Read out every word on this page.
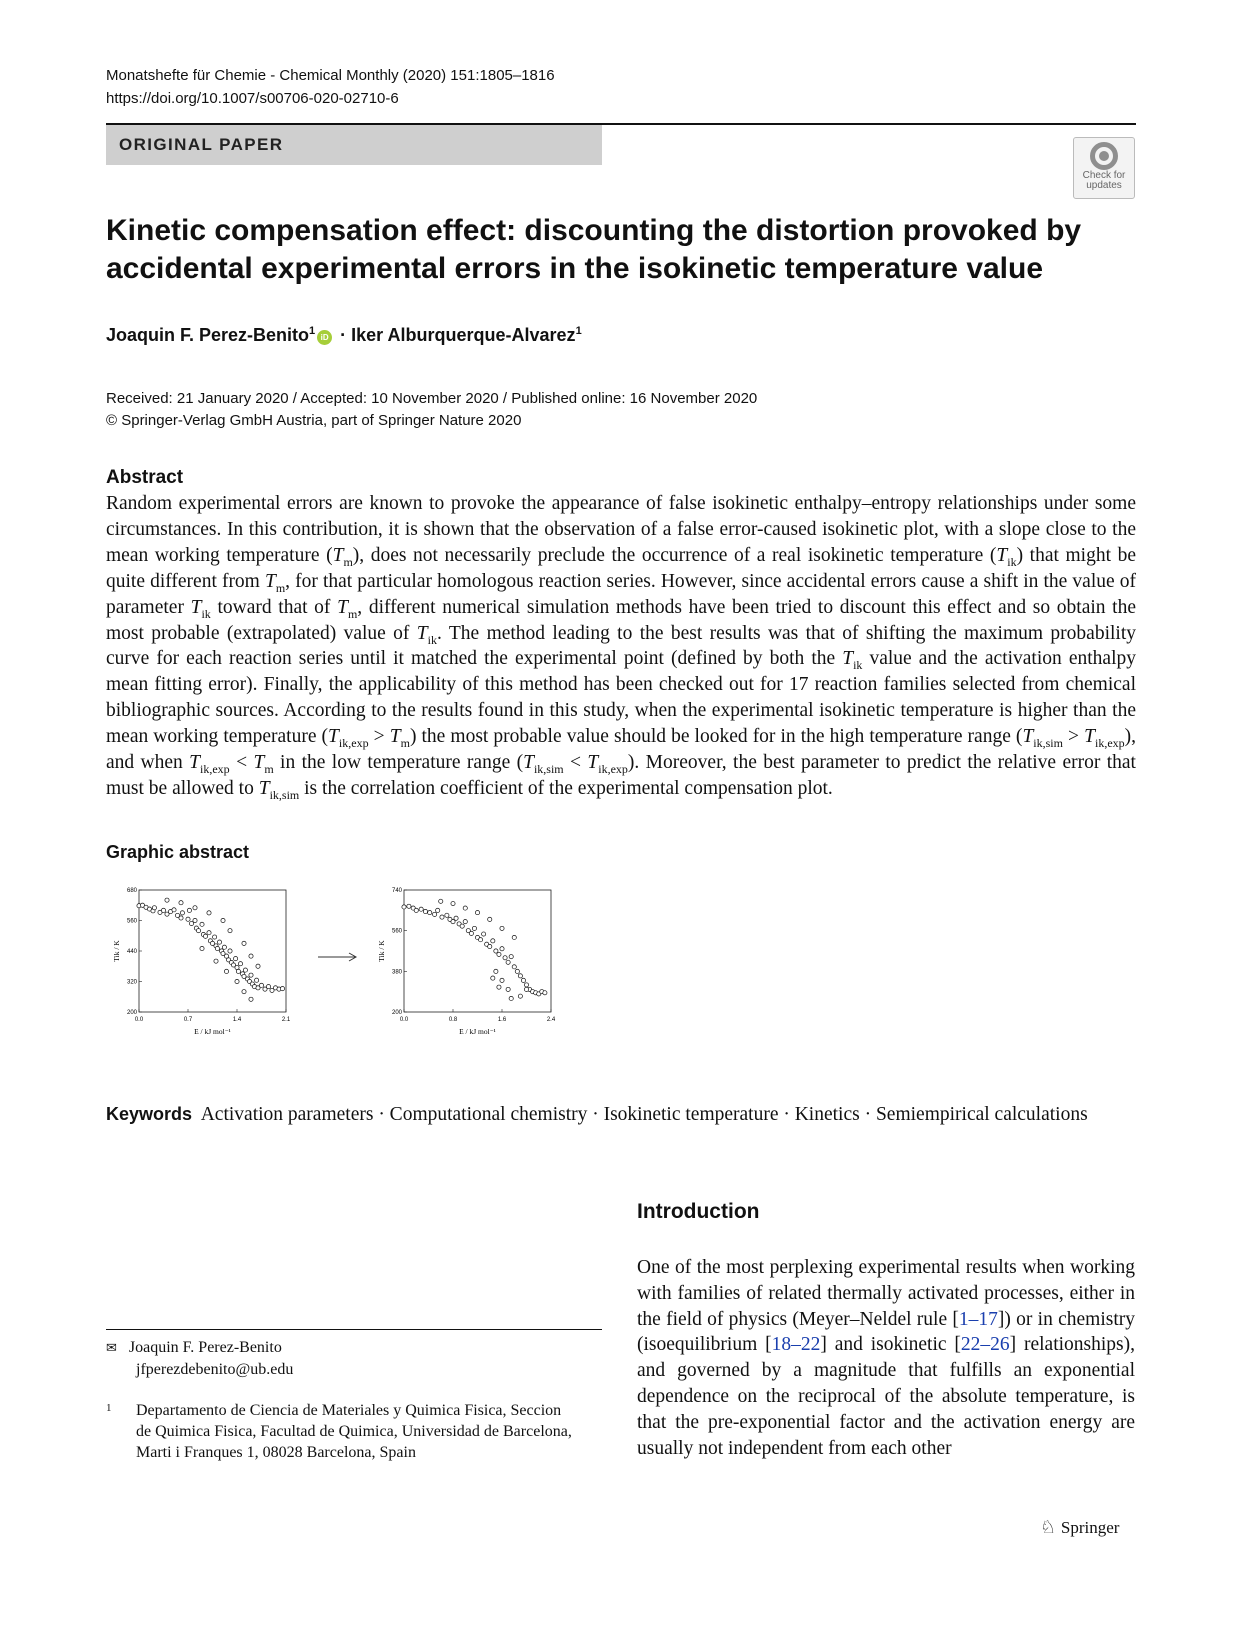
Monatshefte für Chemie - Chemical Monthly (2020) 151:1805–1816
https://doi.org/10.1007/s00706-020-02710-6
ORIGINAL PAPER
Check for updates
Kinetic compensation effect: discounting the distortion provoked by accidental experimental errors in the isokinetic temperature value
Joaquin F. Perez-Benito$^1$iD · Iker Alburquerque-Alvarez$^1$
Received: 21 January 2020 / Accepted: 10 November 2020 / Published online: 16 November 2020
© Springer-Verlag GmbH Austria, part of Springer Nature 2020
Abstract
Random experimental errors are known to provoke the appearance of false isokinetic enthalpy–entropy relationships under some circumstances. In this contribution, it is shown that the observation of a false error-caused isokinetic plot, with a slope close to the mean working temperature $(T_m)$, does not necessarily preclude the occurrence of a real isokinetic temperature $(T_{ik})$ that might be quite different from $T_m$, for that particular homologous reaction series. However, since accidental errors cause a shift in the value of parameter $T_{ik}$ toward that of $T_m$, different numerical simulation methods have been tried to discount this effect and so obtain the most probable (extrapolated) value of $T_{ik}$. The method leading to the best results was that of shifting the maximum probability curve for each reaction series until it matched the experimental point (defined by both the $T_{ik}$ value and the activation enthalpy mean fitting error). Finally, the applicability of this method has been checked out for 17 reaction families selected from chemical bibliographic sources. According to the results found in this study, when the experimental isokinetic temperature is higher than the mean working temperature $(T_{ik,exp} > T_m)$ the most probable value should be looked for in the high temperature range $(T_{ik,sim} > T_{ik,exp})$, and when $T_{ik,exp} < T_m$ in the low temperature range $(T_{ik,sim} < T_{ik,exp})$. Moreover, the best parameter to predict the relative error that must be allowed to $T_{ik,sim}$ is the correlation coefficient of the experimental compensation plot.
Graphic abstract
0.0	0.7	1.4	2.1
680
560
440
320
200
E / kJ mol⁻¹
Tik / K
0.0	0.8	1.6	2.4
740
560
380
200
E / kJ mol⁻¹
Tik / K
Keywords Activation parameters · Computational chemistry · Isokinetic temperature · Kinetics · Semiempirical calculations
Introduction
One of the most perplexing experimental results when working with families of related thermally activated processes, either in the field of physics (Meyer–Neldel rule [1–17]) or in chemistry (isoequilibrium [18–22] and isokinetic [22–26] relationships), and governed by a magnitude that fulfills an exponential dependence on the reciprocal of the absolute temperature, is that the pre-exponential factor and the activation energy are usually not independent from each other
✉ Joaquin F. Perez-Benito
jfperezdebenito@ub.edu
1 Departamento de Ciencia de Materiales y Quimica Fisica, Seccion de Quimica Fisica, Facultad de Quimica, Universidad de Barcelona, Marti i Franques 1, 08028 Barcelona, Spain
♘ Springer
